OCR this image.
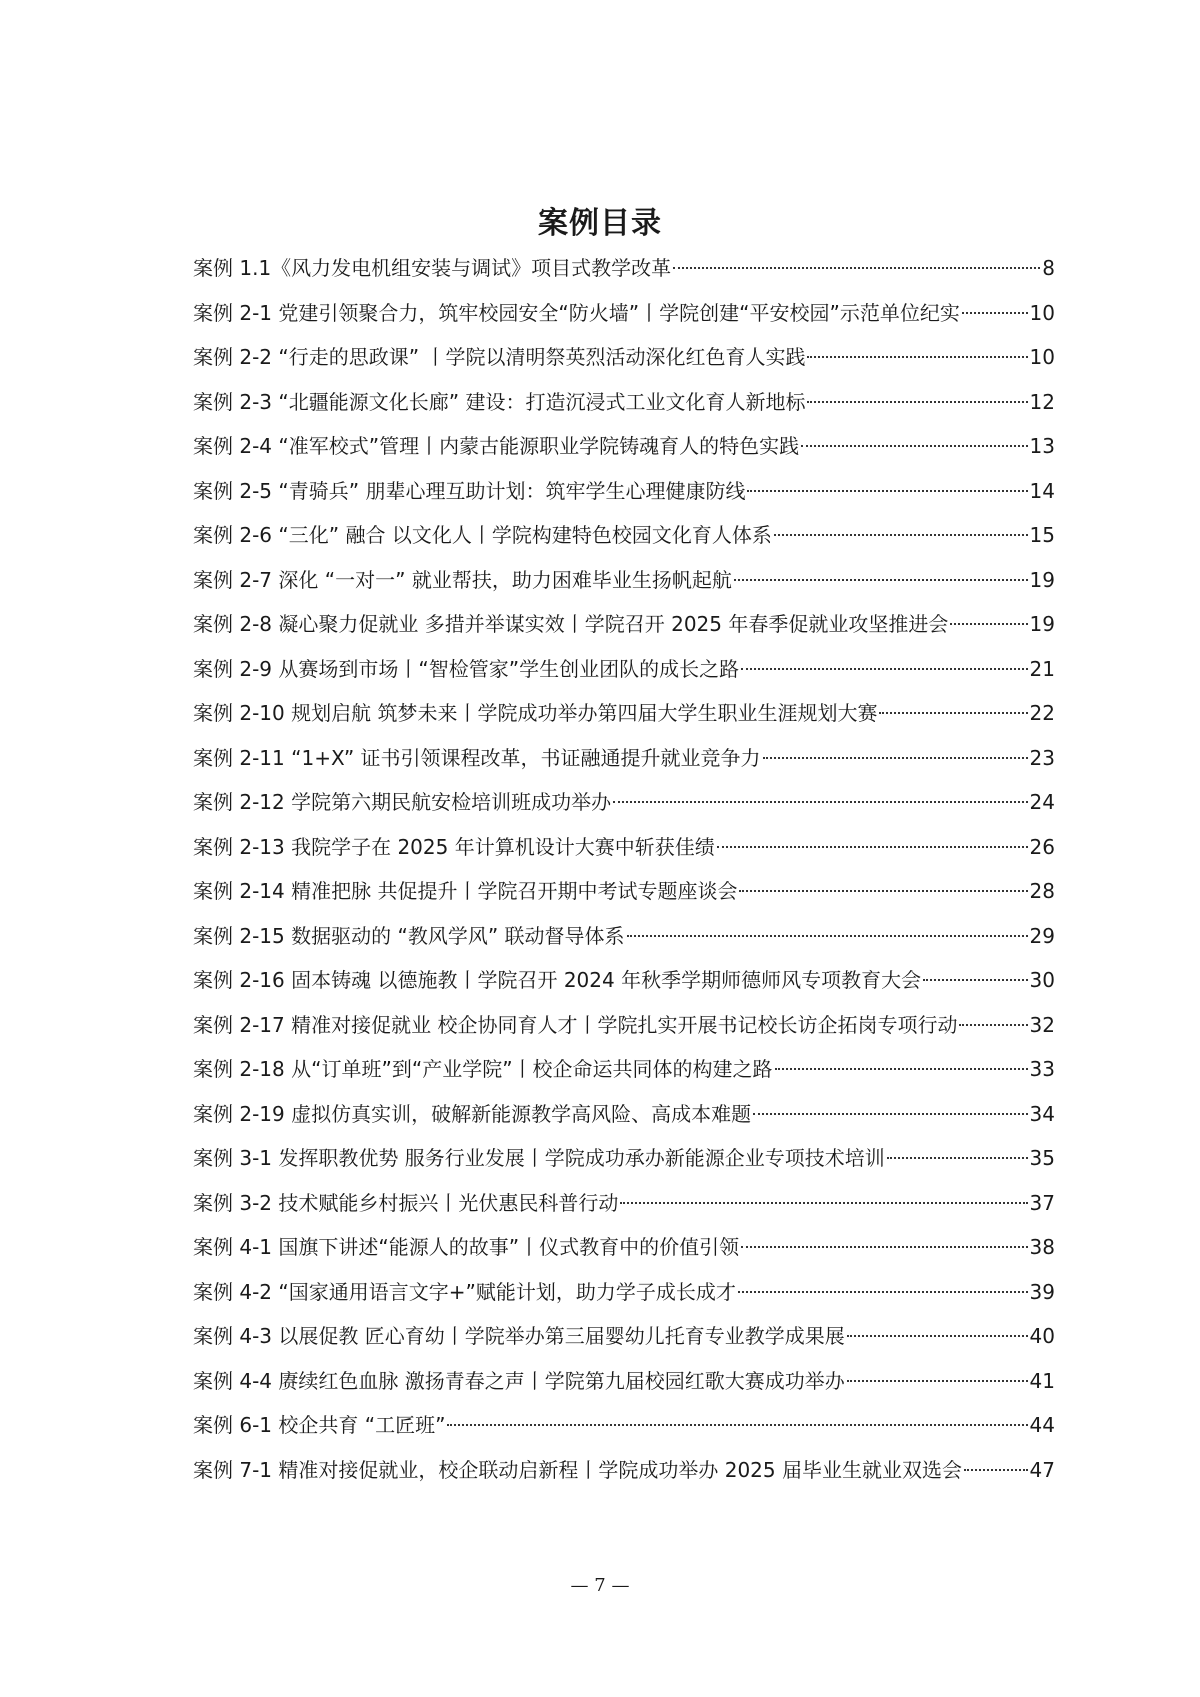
案例目录
案例 1.1《风力发电机组安装与调试》项目式教学改革	8
案例 2-1 党建引领聚合力，筑牢校园安全“防火墙”丨学院创建“平安校园”示范单位纪实	10
案例 2-2 “行走的思政课” 丨学院以清明祭英烈活动深化红色育人实践	10
案例 2-3 “北疆能源文化长廊” 建设：打造沉浸式工业文化育人新地标	12
案例 2-4 “准军校式”管理丨内蒙古能源职业学院铸魂育人的特色实践	13
案例 2-5 “青骑兵” 朋辈心理互助计划：筑牢学生心理健康防线	14
案例 2-6 “三化” 融合 以文化人丨学院构建特色校园文化育人体系	15
案例 2-7 深化 “一对一” 就业帮扶，助力困难毕业生扬帆起航	19
案例 2-8 凝心聚力促就业 多措并举谋实效丨学院召开 2025 年春季促就业攻坚推进会	19
案例 2-9 从赛场到市场丨“智检管家”学生创业团队的成长之路	21
案例 2-10 规划启航 筑梦未来丨学院成功举办第四届大学生职业生涯规划大赛	22
案例 2-11 “1+X” 证书引领课程改革，书证融通提升就业竞争力	23
案例 2-12 学院第六期民航安检培训班成功举办	24
案例 2-13 我院学子在 2025 年计算机设计大赛中斩获佳绩	26
案例 2-14 精准把脉 共促提升丨学院召开期中考试专题座谈会	28
案例 2-15 数据驱动的 “教风学风” 联动督导体系	29
案例 2-16 固本铸魂 以德施教丨学院召开 2024 年秋季学期师德师风专项教育大会	30
案例 2-17 精准对接促就业 校企协同育人才丨学院扎实开展书记校长访企拓岗专项行动	32
案例 2-18 从“订单班”到“产业学院”丨校企命运共同体的构建之路	33
案例 2-19 虚拟仿真实训，破解新能源教学高风险、高成本难题	34
案例 3-1 发挥职教优势 服务行业发展丨学院成功承办新能源企业专项技术培训	35
案例 3-2 技术赋能乡村振兴丨光伏惠民科普行动	37
案例 4-1 国旗下讲述“能源人的故事”丨仪式教育中的价值引领	38
案例 4-2 “国家通用语言文字+”赋能计划，助力学子成长成才	39
案例 4-3 以展促教 匠心育幼丨学院举办第三届婴幼儿托育专业教学成果展	40
案例 4-4 赓续红色血脉 激扬青春之声丨学院第九届校园红歌大赛成功举办	41
案例 6-1 校企共育 “工匠班”	44
案例 7-1 精准对接促就业，校企联动启新程丨学院成功举办 2025 届毕业生就业双选会	47
— 7 —
